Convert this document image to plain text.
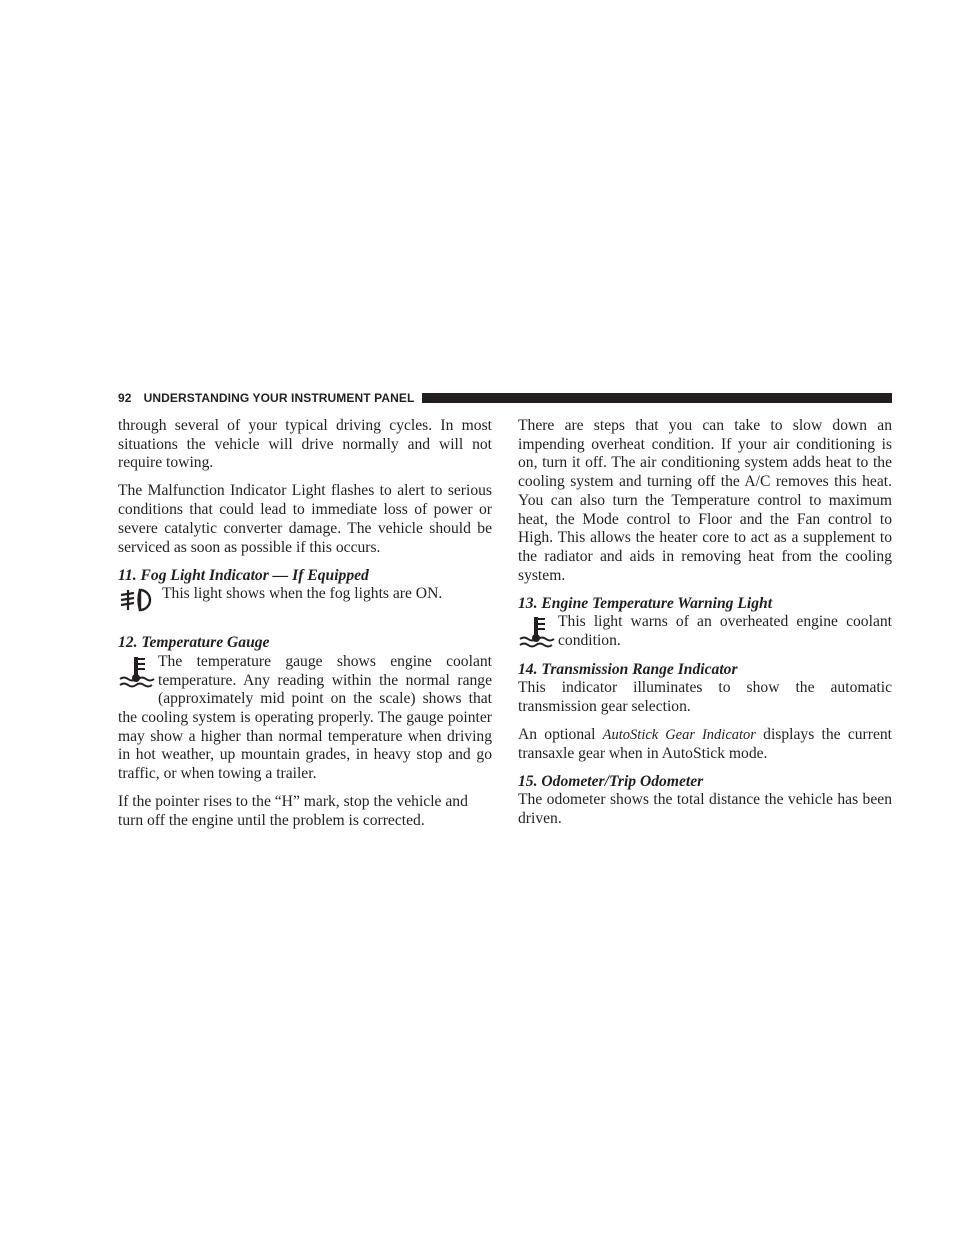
92 UNDERSTANDING YOUR INSTRUMENT PANEL

through several of your typical driving cycles. In most situations the vehicle will drive normally and will not require towing.

The Malfunction Indicator Light flashes to alert to serious conditions that could lead to immediate loss of power or severe catalytic converter damage. The vehicle should be serviced as soon as possible if this occurs.

11. Fog Light Indicator — If Equipped
This light shows when the fog lights are ON.
12. Temperature Gauge

The temperature gauge shows engine coolant temperature. Any reading within the normal range (approximately mid point on the scale) shows that the cooling system is operating properly. The gauge pointer may show a higher than normal temperature when driving in hot weather, up mountain grades, in heavy stop and go traffic, or when towing a trailer.

If the pointer rises to the “H” mark, stop the vehicle and turn off the engine until the problem is corrected.

There are steps that you can take to slow down an impending overheat condition. If your air conditioning is on, turn it off. The air conditioning system adds heat to the cooling system and turning off the A/C removes this heat. You can also turn the Temperature control to maximum heat, the Mode control to Floor and the Fan control to High. This allows the heater core to act as a supplement to the radiator and aids in removing heat from the cooling system.

13. Engine Temperature Warning Light

This light warns of an overheated engine coolant condition.

14. Transmission Range Indicator

This indicator illuminates to show the automatic transmission gear selection.

An optional AutoStick Gear Indicator displays the current transaxle gear when in AutoStick mode.

15. Odometer/Trip Odometer

The odometer shows the total distance the vehicle has been driven.
